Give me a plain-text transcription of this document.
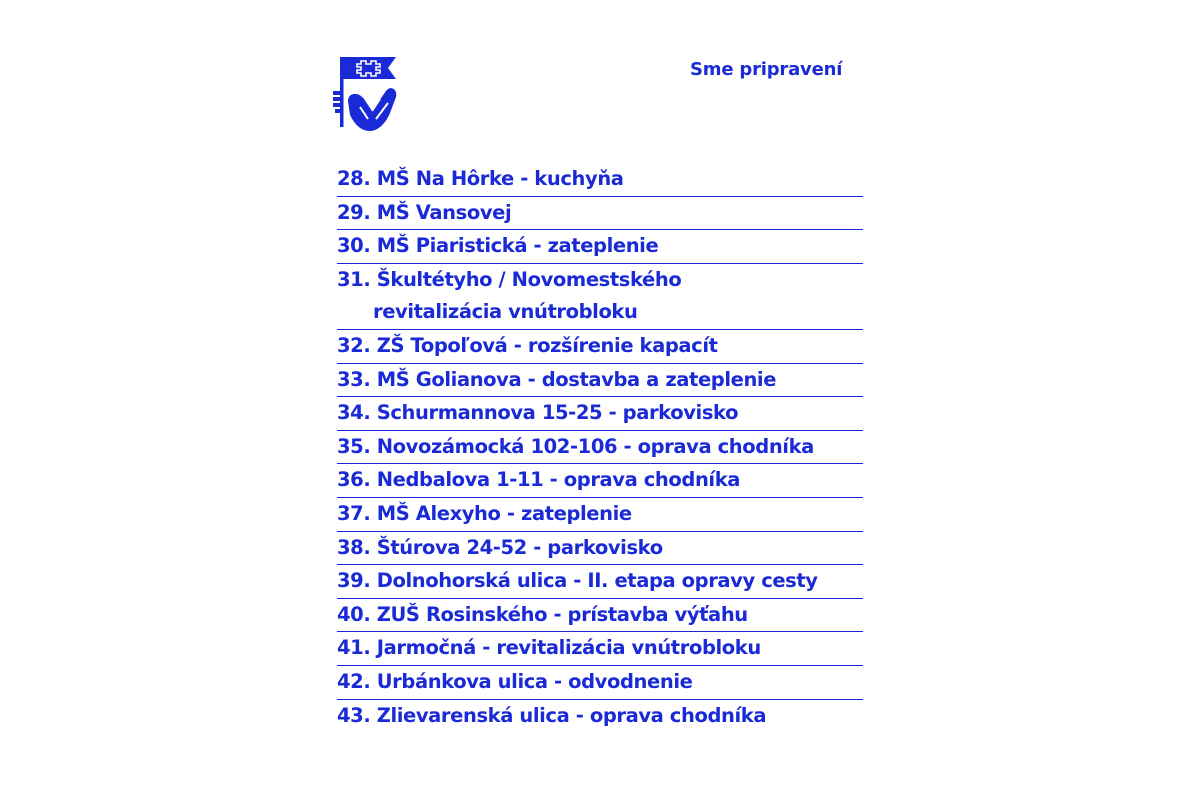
Sme pripravení
28. MŠ Na Hôrke - kuchyňa
29. MŠ Vansovej
30. MŠ Piaristická - zateplenie
31. Škultétyho / Novomestského
revitalizácia vnútrobloku
32. ZŠ Topoľová - rozšírenie kapacít
33. MŠ Golianova - dostavba a zateplenie
34. Schurmannova 15-25 - parkovisko
35. Novozámocká 102-106 - oprava chodníka
36. Nedbalova 1-11 - oprava chodníka
37. MŠ Alexyho - zateplenie
38. Štúrova 24-52 - parkovisko
39. Dolnohorská ulica - II. etapa opravy cesty
40. ZUŠ Rosinského - prístavba výťahu
41. Jarmočná - revitalizácia vnútrobloku
42. Urbánkova ulica - odvodnenie
43. Zlievarenská ulica - oprava chodníka
